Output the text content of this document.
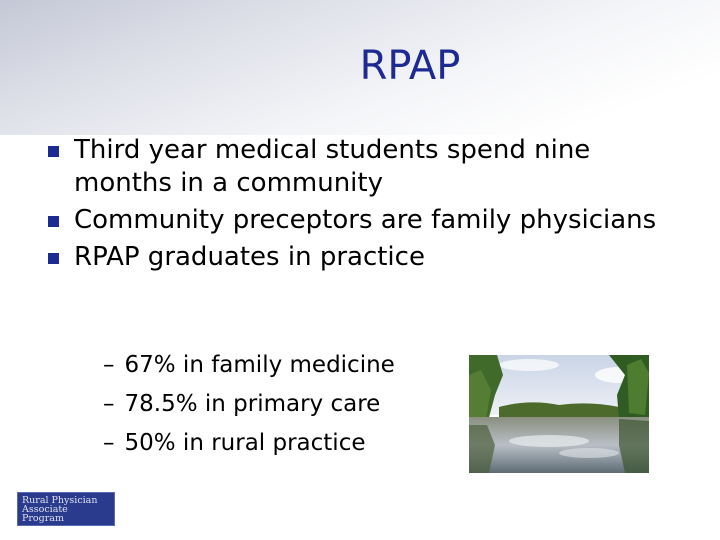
RPAP
Third year medical students spend nine months in a community
Community preceptors are family physicians
RPAP graduates in practice
– 67% in family medicine
– 78.5% in primary care
– 50% in rural practice
Rural Physician
Associate Program
